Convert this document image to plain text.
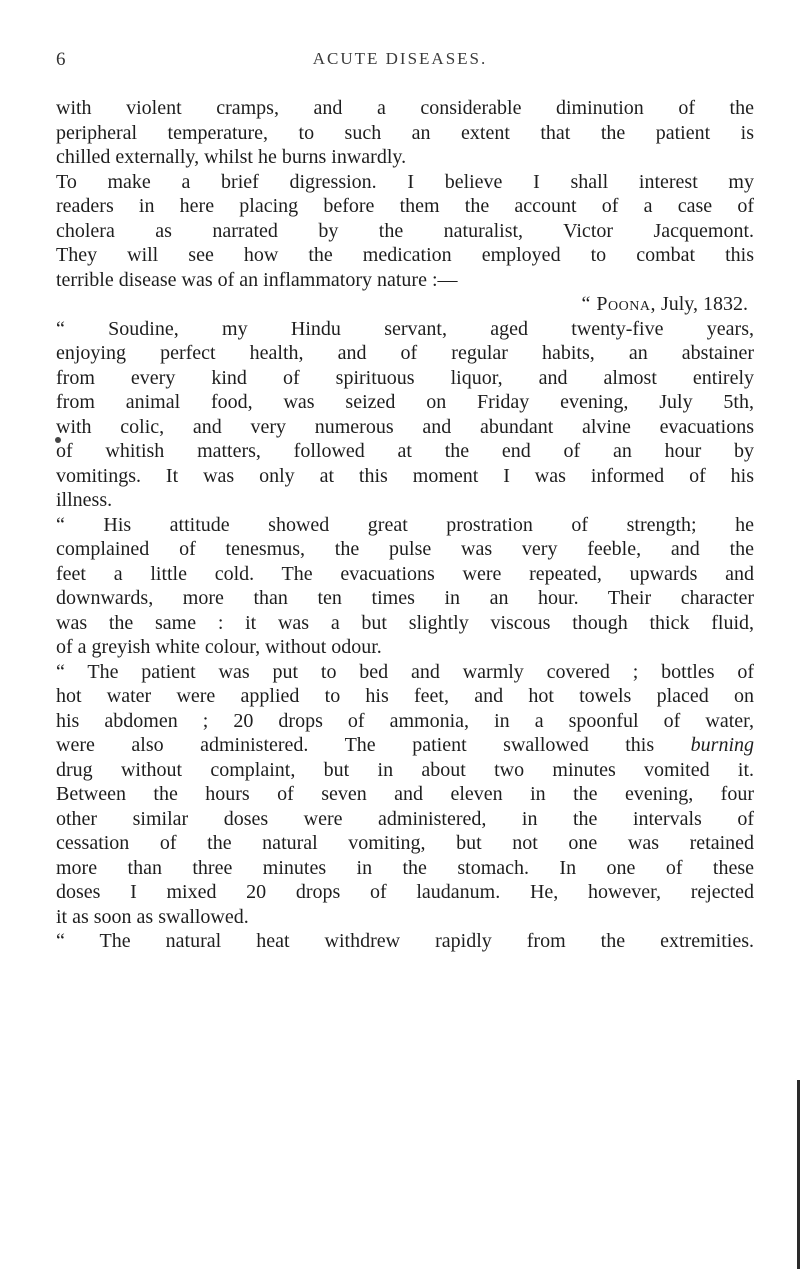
6	ACUTE DISEASES.
with violent cramps, and a considerable diminution of the
peripheral temperature, to such an extent that the patient is
chilled externally, whilst he burns inwardly.
To make a brief digression. I believe I shall interest my
readers in here placing before them the account of a case of
cholera as narrated by the naturalist, Victor Jacquemont.
They will see how the medication employed to combat this
terrible disease was of an inflammatory nature :—
“ Poona, July, 1832.
“ Soudine, my Hindu servant, aged twenty-five years,
enjoying perfect health, and of regular habits, an abstainer
from every kind of spirituous liquor, and almost entirely
from animal food, was seized on Friday evening, July 5th,
with colic, and very numerous and abundant alvine evacuations
of whitish matters, followed at the end of an hour by
vomitings. It was only at this moment I was informed of his
illness.
“ His attitude showed great prostration of strength; he
complained of tenesmus, the pulse was very feeble, and the
feet a little cold. The evacuations were repeated, upwards and
downwards, more than ten times in an hour. Their character
was the same : it was a but slightly viscous though thick fluid,
of a greyish white colour, without odour.
“ The patient was put to bed and warmly covered ; bottles of
hot water were applied to his feet, and hot towels placed on
his abdomen ; 20 drops of ammonia, in a spoonful of water,
were also administered. The patient swallowed this burning
drug without complaint, but in about two minutes vomited it.
Between the hours of seven and eleven in the evening, four
other similar doses were administered, in the intervals of
cessation of the natural vomiting, but not one was retained
more than three minutes in the stomach. In one of these
doses I mixed 20 drops of laudanum. He, however, rejected
it as soon as swallowed.
“ The natural heat withdrew rapidly from the extremities.
